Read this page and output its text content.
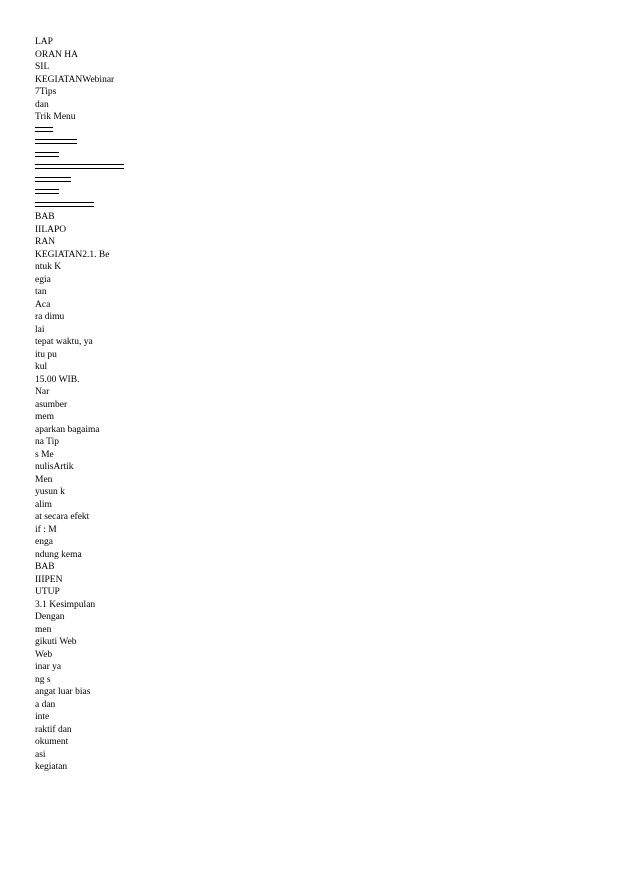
LAP
ORAN HA
SIL
KEGIATANWebinar
7Tips
dan
Trik Menu
BAB
IILAPO
RAN
KEGIATAN2.1. Be
ntuk K
egia
tan
Aca
ra dimu
lai
tepat waktu, ya
itu pu
kul
15.00 WIB.
Nar
asumber
mem
aparkan bagaima
na Tip
s Me
nulisArtik
Men
yusun k
alim
at secara efekt
if : M
enga
ndung kema
BAB
IIIPEN
UTUP
3.1 Kesimpulan
Dengan
men
gikuti Web
Web
inar ya
ng s
angat luar bias
a dan
inte
raktif dan
okument
asi
kegiatan
